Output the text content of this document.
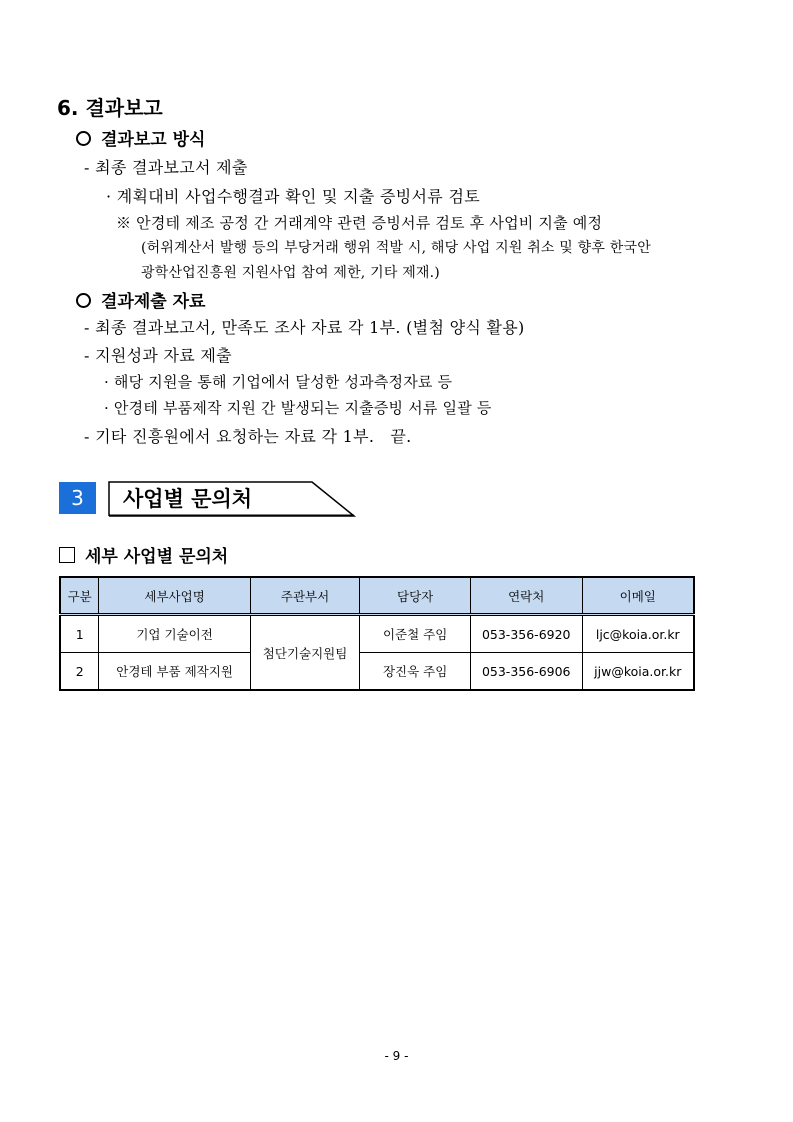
6. 결과보고
결과보고 방식
- 최종 결과보고서 제출
· 계획대비 사업수행결과 확인 및 지출 증빙서류 검토
※ 안경테 제조 공정 간 거래계약 관련 증빙서류 검토 후 사업비 지출 예정
(허위계산서 발행 등의 부당거래 행위 적발 시, 해당 사업 지원 취소 및 향후 한국안
광학산업진흥원 지원사업 참여 제한, 기타 제재.)
결과제출 자료
- 최종 결과보고서, 만족도 조사 자료 각 1부. (별첨 양식 활용)
- 지원성과 자료 제출
· 해당 지원을 통해 기업에서 달성한 성과측정자료 등
· 안경테 부품제작 지원 간 발생되는 지출증빙 서류 일괄 등
- 기타 진흥원에서 요청하는 자료 각 1부. 끝.
3	사업별 문의처
세부 사업별 문의처
구분	세부사업명	주관부서	담당자	연락처	이메일
1	기업 기술이전	첨단기술지원팀	이준철 주임	053-356-6920	ljc@koia.or.kr
2	안경테 부품 제작지원		장진욱 주임	053-356-6906	jjw@koia.or.kr
- 9 -
